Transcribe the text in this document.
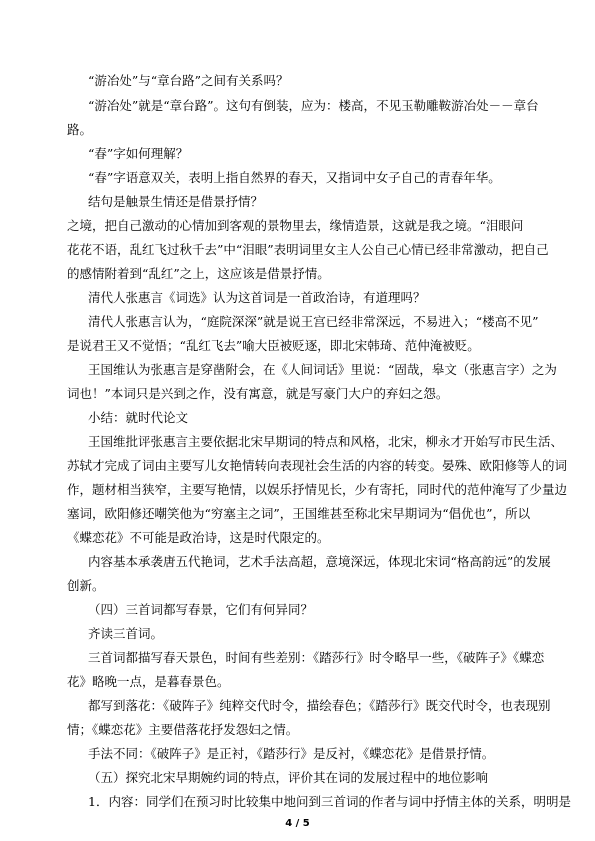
“游冶处”与“章台路”之间有关系吗？
“游冶处”就是“章台路”。这句有倒装，应为：楼高，不见玉勒雕鞍游冶处－－章台
路。
“春”字如何理解？
“春”字语意双关，表明上指自然界的春天，又指词中女子自己的青春年华。
结句是触景生情还是借景抒情？
之境，把自己激动的心情加到客观的景物里去，缘情造景，这就是我之境。“泪眼问
花花不语，乱红飞过秋千去”中“泪眼”表明词里女主人公自己心情已经非常激动，把自己
的感情附着到“乱红”之上，这应该是借景抒情。
清代人张惠言《词选》认为这首词是一首政治诗，有道理吗？
清代人张惠言认为，“庭院深深”就是说王宫已经非常深远，不易进入；“楼高不见”
是说君王又不觉悟；“乱红飞去”喻大臣被贬逐，即北宋韩琦、范仲淹被贬。
王国维认为张惠言是穿凿附会，在《人间词话》里说：“固哉，皋文（张惠言字）之为
词也！”本词只是兴到之作，没有寓意，就是写豪门大户的弃妇之怨。
小结：就时代论文
王国维批评张惠言主要依据北宋早期词的特点和风格，北宋，柳永才开始写市民生活、
苏轼才完成了词由主要写儿女艳情转向表现社会生活的内容的转变。晏殊、欧阳修等人的词
作，题材相当狭窄，主要写艳情，以娱乐抒情见长，少有寄托，同时代的范仲淹写了少量边
塞词，欧阳修还嘲笑他为“穷塞主之词”，王国维甚至称北宋早期词为“倡优也”，所以
《蝶恋花》不可能是政治诗，这是时代限定的。
内容基本承袭唐五代艳词，艺术手法高超，意境深远，体现北宋词“格高韵远”的发展
创新。
（四）三首词都写春景，它们有何异同？
齐读三首词。
三首词都描写春天景色，时间有些差别：《踏莎行》时令略早一些，《破阵子》《蝶恋
花》略晚一点，是暮春景色。
都写到落花：《破阵子》纯粹交代时令，描绘春色；《踏莎行》既交代时令，也表现别
情；《蝶恋花》主要借落花抒发怨妇之情。
手法不同：《破阵子》是正衬，《踏莎行》是反衬，《蝶恋花》是借景抒情。
（五）探究北宋早期婉约词的特点，评价其在词的发展过程中的地位影响
1．内容：同学们在预习时比较集中地问到三首词的作者与词中抒情主体的关系，明明是
4 / 5
